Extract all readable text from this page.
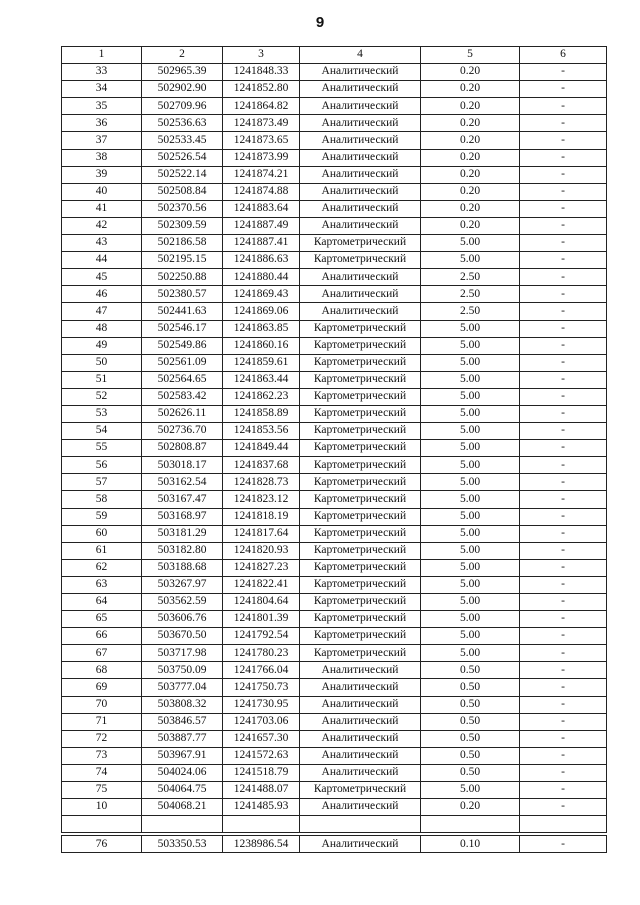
9
1	2	3	4	5	6
33	502965.39	1241848.33	Аналитический	0.20	-
34	502902.90	1241852.80	Аналитический	0.20	-
35	502709.96	1241864.82	Аналитический	0.20	-
36	502536.63	1241873.49	Аналитический	0.20	-
37	502533.45	1241873.65	Аналитический	0.20	-
38	502526.54	1241873.99	Аналитический	0.20	-
39	502522.14	1241874.21	Аналитический	0.20	-
40	502508.84	1241874.88	Аналитический	0.20	-
41	502370.56	1241883.64	Аналитический	0.20	-
42	502309.59	1241887.49	Аналитический	0.20	-
43	502186.58	1241887.41	Картометрический	5.00	-
44	502195.15	1241886.63	Картометрический	5.00	-
45	502250.88	1241880.44	Аналитический	2.50	-
46	502380.57	1241869.43	Аналитический	2.50	-
47	502441.63	1241869.06	Аналитический	2.50	-
48	502546.17	1241863.85	Картометрический	5.00	-
49	502549.86	1241860.16	Картометрический	5.00	-
50	502561.09	1241859.61	Картометрический	5.00	-
51	502564.65	1241863.44	Картометрический	5.00	-
52	502583.42	1241862.23	Картометрический	5.00	-
53	502626.11	1241858.89	Картометрический	5.00	-
54	502736.70	1241853.56	Картометрический	5.00	-
55	502808.87	1241849.44	Картометрический	5.00	-
56	503018.17	1241837.68	Картометрический	5.00	-
57	503162.54	1241828.73	Картометрический	5.00	-
58	503167.47	1241823.12	Картометрический	5.00	-
59	503168.97	1241818.19	Картометрический	5.00	-
60	503181.29	1241817.64	Картометрический	5.00	-
61	503182.80	1241820.93	Картометрический	5.00	-
62	503188.68	1241827.23	Картометрический	5.00	-
63	503267.97	1241822.41	Картометрический	5.00	-
64	503562.59	1241804.64	Картометрический	5.00	-
65	503606.76	1241801.39	Картометрический	5.00	-
66	503670.50	1241792.54	Картометрический	5.00	-
67	503717.98	1241780.23	Картометрический	5.00	-
68	503750.09	1241766.04	Аналитический	0.50	-
69	503777.04	1241750.73	Аналитический	0.50	-
70	503808.32	1241730.95	Аналитический	0.50	-
71	503846.57	1241703.06	Аналитический	0.50	-
72	503887.77	1241657.30	Аналитический	0.50	-
73	503967.91	1241572.63	Аналитический	0.50	-
74	504024.06	1241518.79	Аналитический	0.50	-
75	504064.75	1241488.07	Картометрический	5.00	-
10	504068.21	1241485.93	Аналитический	0.20	-

76	503350.53	1238986.54	Аналитический	0.10	-
